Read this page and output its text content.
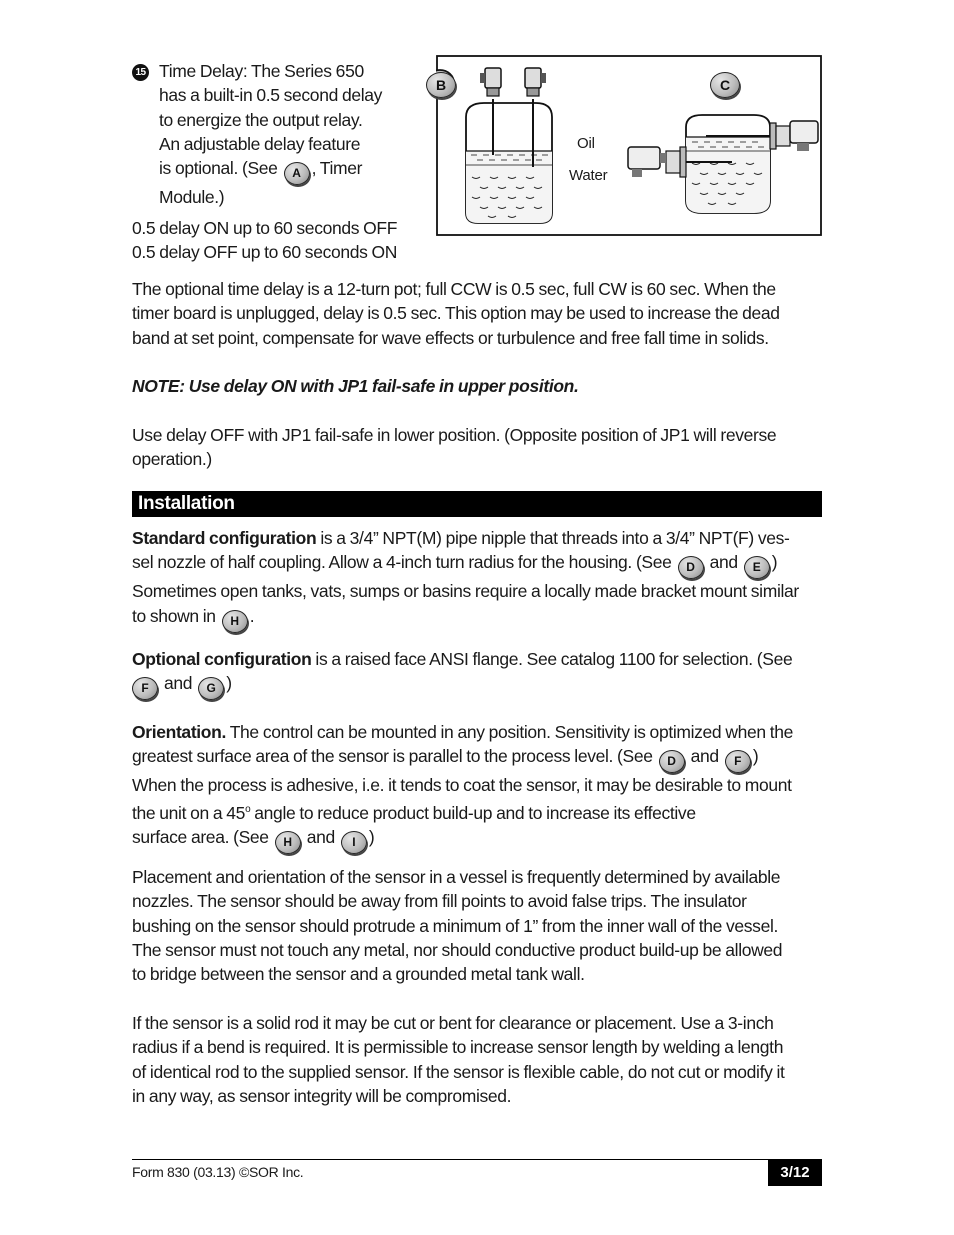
15 Time Delay: The Series 650
has a built-in 0.5 second delay
to energize the output relay.
An adjustable delay feature
is optional. (See A , Timer
Module.)
0.5 delay ON up to 60 seconds OFF
0.5 delay OFF up to 60 seconds ON
B	C
Oil
Water
The optional time delay is a 12-turn pot; full CCW is 0.5 sec, full CW is 60 sec. When the
timer board is unplugged, delay is 0.5 sec. This option may be used to increase the dead
band at set point, compensate for wave effects or turbulence and free fall time in solids.
NOTE: Use delay ON with JP1 fail-safe in upper position.
Use delay OFF with JP1 fail-safe in lower position. (Opposite position of JP1 will reverse
operation.)
Installation
Standard configuration is a 3/4” NPT(M) pipe nipple that threads into a 3/4” NPT(F) ves-
sel nozzle of half coupling. Allow a 4-inch turn radius for the housing. (See D and E )
Sometimes open tanks, vats, sumps or basins require a locally made bracket mount similar
to shown in H .
Optional configuration is a raised face ANSI flange. See catalog 1100 for selection. (See
F and G )
Orientation. The control can be mounted in any position. Sensitivity is optimized when the
greatest surface area of the sensor is parallel to the process level. (See D and F )
When the process is adhesive, i.e. it tends to coat the sensor, it may be desirable to mount
the unit on a 45$^o$ angle to reduce product build-up and to increase its effective
surface area. (See H and I )
Placement and orientation of the sensor in a vessel is frequently determined by available
nozzles. The sensor should be away from fill points to avoid false trips. The insulator
bushing on the sensor should protrude a minimum of 1” from the inner wall of the vessel.
The sensor must not touch any metal, nor should conductive product build-up be allowed
to bridge between the sensor and a grounded metal tank wall.
If the sensor is a solid rod it may be cut or bent for clearance or placement. Use a 3-inch
radius if a bend is required. It is permissible to increase sensor length by welding a length
of identical rod to the supplied sensor. If the sensor is flexible cable, do not cut or modify it
in any way, as sensor integrity will be compromised.
Form 830 (03.13) ©SOR Inc.	3/12
